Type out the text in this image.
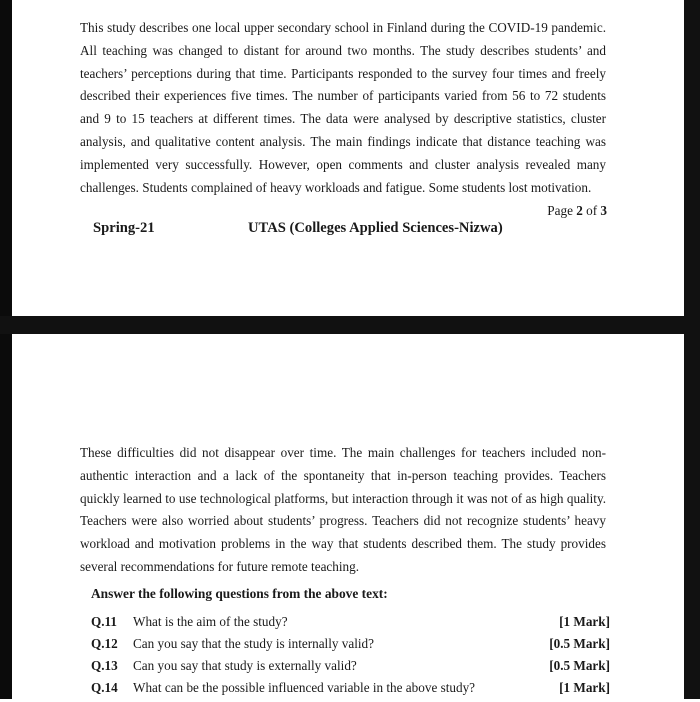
This study describes one local upper secondary school in Finland during the COVID-19 pandemic. All teaching was changed to distant for around two months. The study describes students’ and teachers’ perceptions during that time. Participants responded to the survey four times and freely described their experiences five times. The number of participants varied from 56 to 72 students and 9 to 15 teachers at different times. The data were analysed by descriptive statistics, cluster analysis, and qualitative content analysis. The main findings indicate that distance teaching was implemented very successfully. However, open comments and cluster analysis revealed many challenges. Students complained of heavy workloads and fatigue. Some students lost motivation.

Page 2 of 3
Spring-21	UTAS (Colleges Applied Sciences-Nizwa)

These difficulties did not disappear over time. The main challenges for teachers included non-authentic interaction and a lack of the spontaneity that in-person teaching provides. Teachers quickly learned to use technological platforms, but interaction through it was not of as high quality. Teachers were also worried about students’ progress. Teachers did not recognize students’ heavy workload and motivation problems in the way that students described them. The study provides several recommendations for future remote teaching.

Answer the following questions from the above text:

Q.11 What is the aim of the study?	[1 Mark]
Q.12 Can you say that the study is internally valid?	[0.5 Mark]
Q.13 Can you say that study is externally valid?	[0.5 Mark]
Q.14 What can be the possible influenced variable in the above study?	[1 Mark]
